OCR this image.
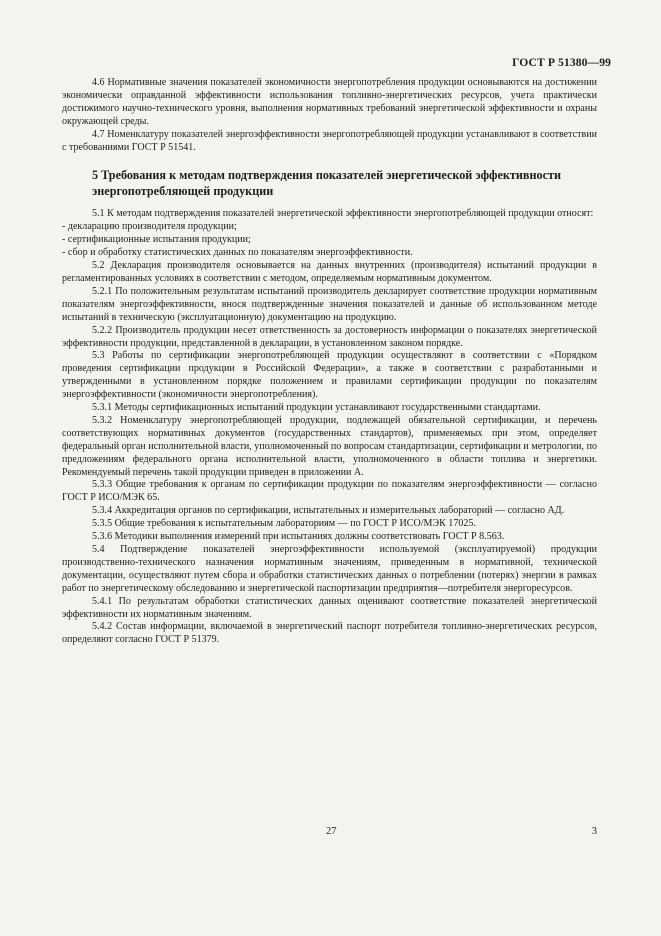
ГОСТ Р 51380—99

4.6 Нормативные значения показателей экономичности энергопотребления продукции основываются на достижении экономически оправданной эффективности использования топливно-энергетических ресурсов, учета практически достижимого научно-технического уровня, выполнения нормативных требований энергетической эффективности и охраны окружающей среды.

4.7 Номенклатуру показателей энергоэффективности энергопотребляющей продукции устанавливают в соответствии с требованиями ГОСТ Р 51541.

5 Требования к методам подтверждения показателей энергетической эффективности энергопотребляющей продукции

5.1 К методам подтверждения показателей энергетической эффективности энергопотребляющей продукции относят:

- декларацию производителя продукции;

- сертификационные испытания продукции;

- сбор и обработку статистических данных по показателям энергоэффективности.

5.2 Декларация производителя основывается на данных внутренних (производителя) испытаний продукции в регламентированных условиях в соответствии с методом, определяемым нормативным документом.

5.2.1 По положительным результатам испытаний производитель декларирует соответствие продукции нормативным показателям энергоэффективности, внося подтвержденные значения показателей и данные об использованном методе испытаний в техническую (эксплуатационную) документацию на продукцию.

5.2.2 Производитель продукции несет ответственность за достоверность информации о показателях энергетической эффективности продукции, представленной в декларации, в установленном законом порядке.

5.3 Работы по сертификации энергопотребляющей продукции осуществляют в соответствии с «Порядком проведения сертификации продукции в Российской Федерации», а также в соответствии с разработанными и утвержденными в установленном порядке положением и правилами сертификации продукции по показателям энергоэффективности (экономичности энергопотребления).

5.3.1 Методы сертификационных испытаний продукции устанавливают государственными стандартами.

5.3.2 Номенклатуру энергопотребляющей продукции, подлежащей обязательной сертификации, и перечень соответствующих нормативных документов (государственных стандартов), применяемых при этом, определяет федеральный орган исполнительной власти, уполномоченный по вопросам стандартизации, сертификации и метрологии, по предложениям федерального органа исполнительной власти, уполномоченного в области топлива и энергетики. Рекомендуемый перечень такой продукции приведен в приложении А.

5.3.3 Общие требования к органам по сертификации продукции по показателям энергоэффективности — согласно ГОСТ Р ИСО/МЭК 65.

5.3.4 Аккредитация органов по сертификации, испытательных и измерительных лабораторий — согласно АД.

5.3.5 Общие требования к испытательным лабораториям — по ГОСТ Р ИСО/МЭК 17025.

5.3.6 Методики выполнения измерений при испытаниях должны соответствовать ГОСТ Р 8.563.

5.4 Подтверждение показателей энергоэффективности используемой (эксплуатируемой) продукции производственно-технического назначения нормативным значениям, приведенным в нормативной, технической документации, осуществляют путем сбора и обработки статистических данных о потреблении (потерях) энергии в рамках работ по энергетическому обследованию и энергетической паспортизации предприятия—потребителя энергоресурсов.

5.4.1 По результатам обработки статистических данных оценивают соответствие показателей энергетической эффективности их нормативным значениям.

5.4.2 Состав информации, включаемой в энергетический паспорт потребителя топливно-энергетических ресурсов, определяют согласно ГОСТ Р 51379.

27	3
